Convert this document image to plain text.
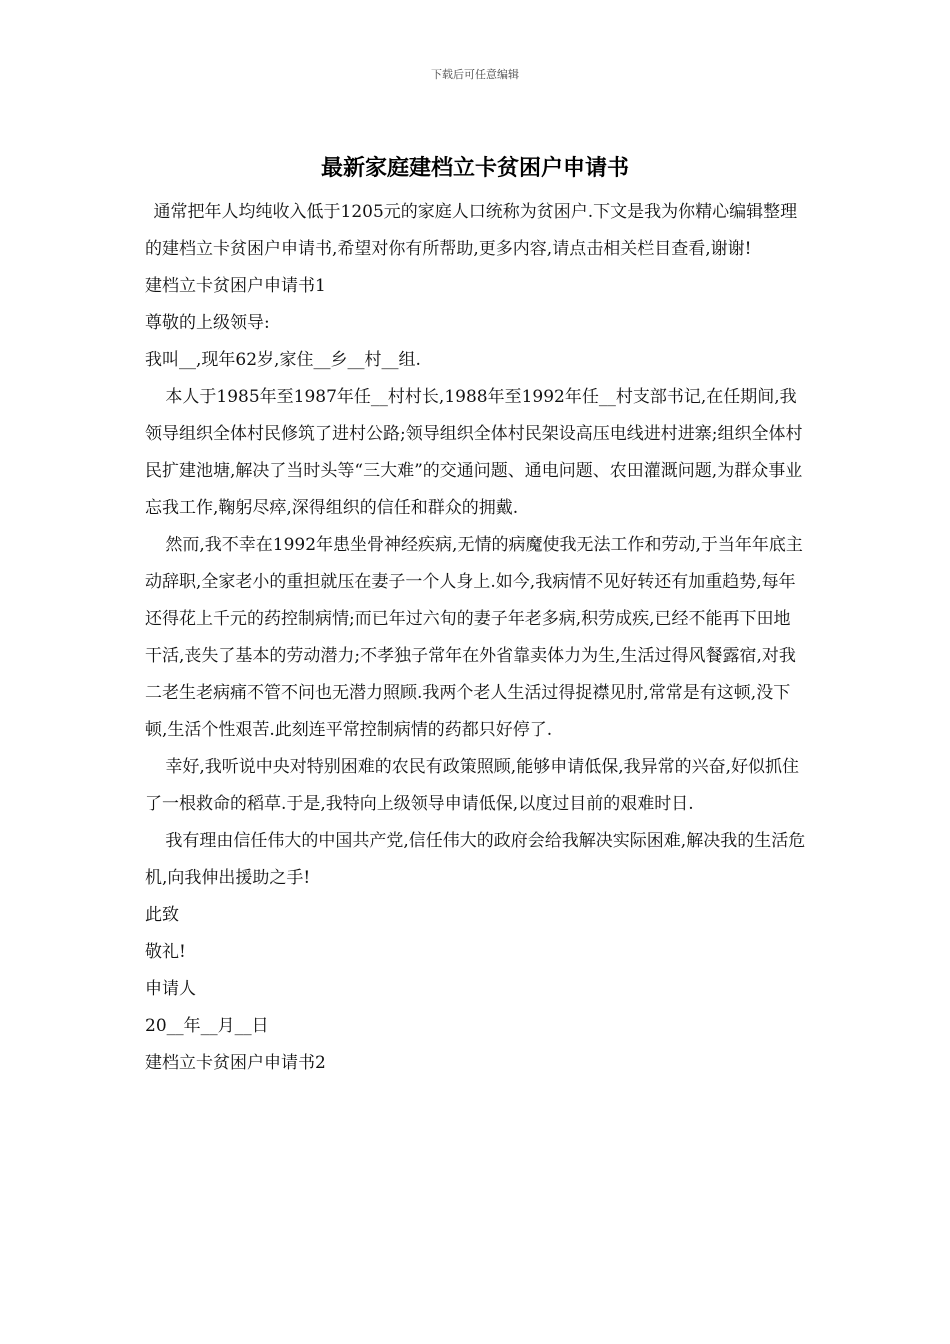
下载后可任意编辑
最新家庭建档立卡贫困户申请书

通常把年人均纯收入低于1205元的家庭人口统称为贫困户.下文是我为你精心编辑整理的建档立卡贫困户申请书,希望对你有所帮助,更多内容,请点击相关栏目查看,谢谢!

建档立卡贫困户申请书1

尊敬的上级领导:

我叫__,现年62岁,家住__乡__村__组.

本人于1985年至1987年任__村村长,1988年至1992年任__村支部书记,在任期间,我领导组织全体村民修筑了进村公路;领导组织全体村民架设高压电线进村进寨;组织全体村民扩建池塘,解决了当时头等“三大难”的交通问题、通电问题、农田灌溉问题,为群众事业忘我工作,鞠躬尽瘁,深得组织的信任和群众的拥戴.

然而,我不幸在1992年患坐骨神经疾病,无情的病魔使我无法工作和劳动,于当年年底主动辞职,全家老小的重担就压在妻子一个人身上.如今,我病情不见好转还有加重趋势,每年还得花上千元的药控制病情;而已年过六旬的妻子年老多病,积劳成疾,已经不能再下田地干活,丧失了基本的劳动潜力;不孝独子常年在外省靠卖体力为生,生活过得风餐露宿,对我二老生老病痛不管不问也无潜力照顾.我两个老人生活过得捉襟见肘,常常是有这顿,没下顿,生活个性艰苦.此刻连平常控制病情的药都只好停了.

幸好,我听说中央对特别困难的农民有政策照顾,能够申请低保,我异常的兴奋,好似抓住了一根救命的稻草.于是,我特向上级领导申请低保,以度过目前的艰难时日.

我有理由信任伟大的中国共产党,信任伟大的政府会给我解决实际困难,解决我的生活危机,向我伸出援助之手!

此致

敬礼!

申请人

20__年__月__日

建档立卡贫困户申请书2
